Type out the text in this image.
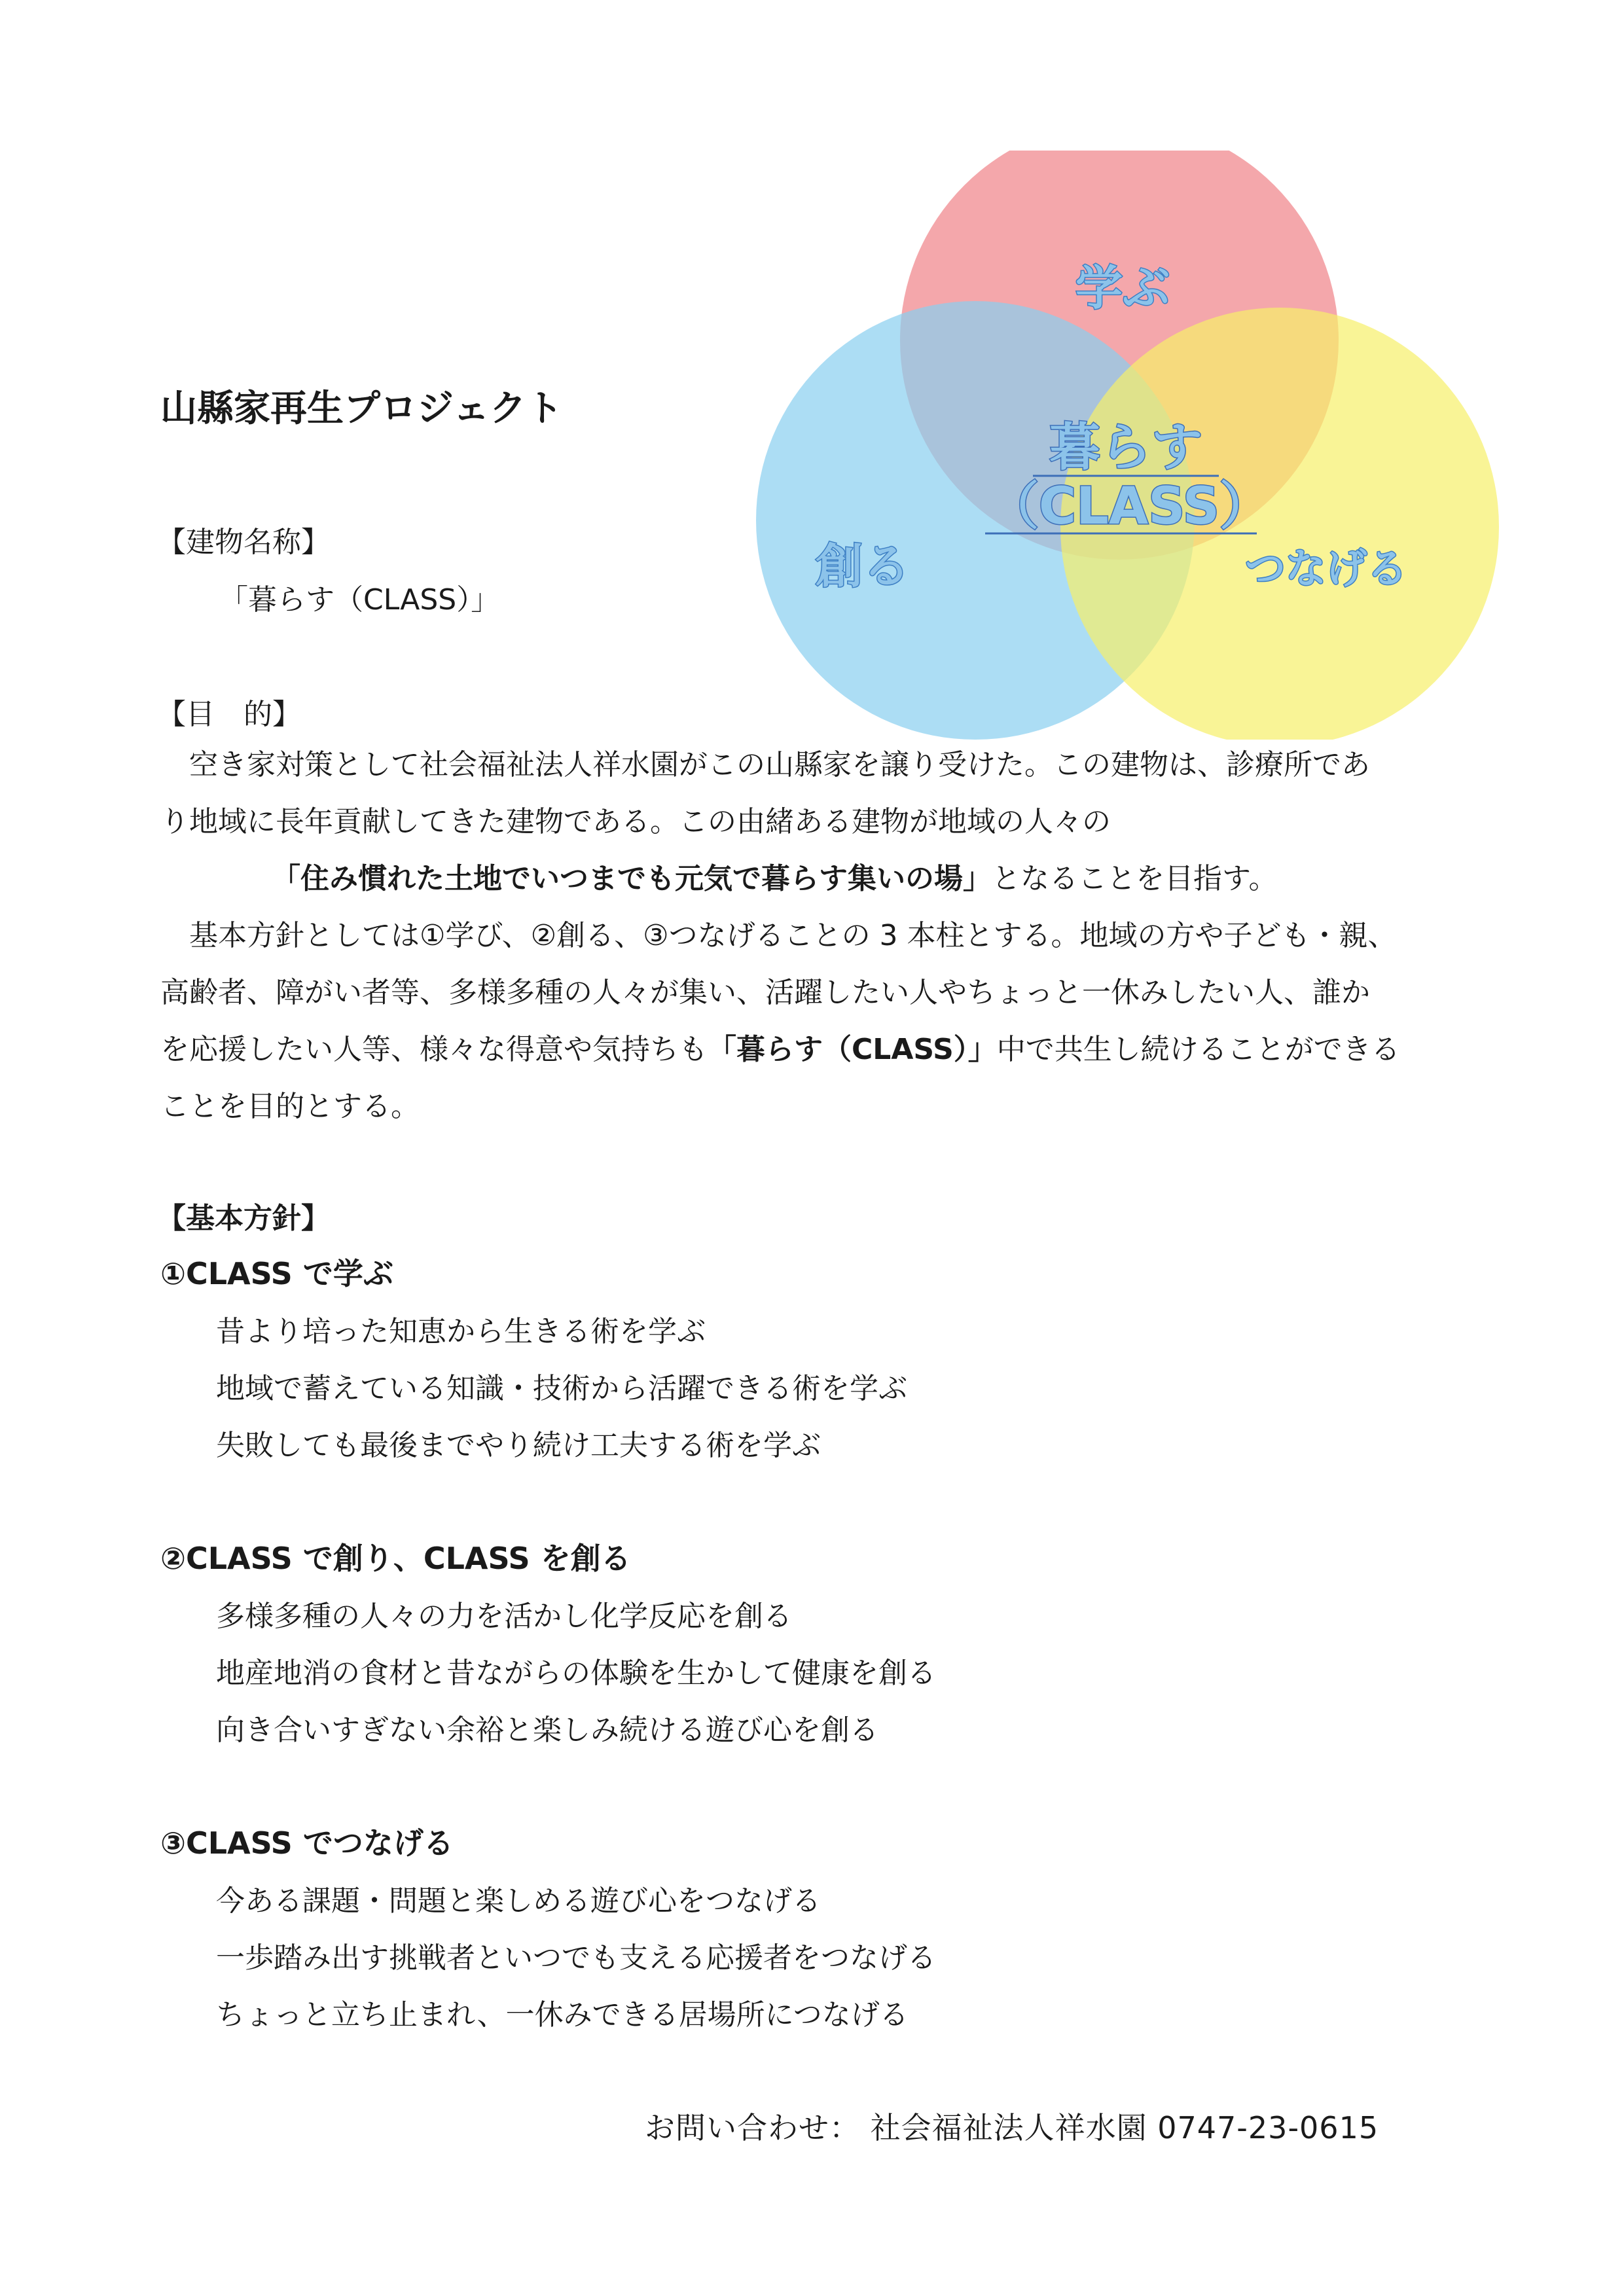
学ぶ
創る	つなげる
暮らす
（CLASS）
山縣家再生プロジェクト
【建物名称】
「暮らす（CLASS）」
【目　的】

　空き家対策として社会福祉法人祥水園がこの山縣家を譲り受けた。この建物は、診療所であ

り地域に長年貢献してきた建物である。この由緒ある建物が地域の人々の

「住み慣れた土地でいつまでも元気で暮らす集いの場」となることを目指す。

　基本方針としては①学び、②創る、③つなげることの 3 本柱とする。地域の方や子ども・親、

高齢者、障がい者等、多様多種の人々が集い、活躍したい人やちょっと一休みしたい人、誰か

を応援したい人等、様々な得意や気持ちも「暮らす（CLASS）」中で共生し続けることができる

ことを目的とする。

【基本方針】
①CLASS で学ぶ
昔より培った知恵から生きる術を学ぶ
地域で蓄えている知識・技術から活躍できる術を学ぶ
失敗しても最後までやり続け工夫する術を学ぶ
②CLASS で創り、CLASS を創る
多様多種の人々の力を活かし化学反応を創る
地産地消の食材と昔ながらの体験を生かして健康を創る
向き合いすぎない余裕と楽しみ続ける遊び心を創る
③CLASS でつなげる
今ある課題・問題と楽しめる遊び心をつなげる
一歩踏み出す挑戦者といつでも支える応援者をつなげる
ちょっと立ち止まれ、一休みできる居場所につなげる
お問い合わせ： 社会福祉法人祥水園 0747-23-0615
